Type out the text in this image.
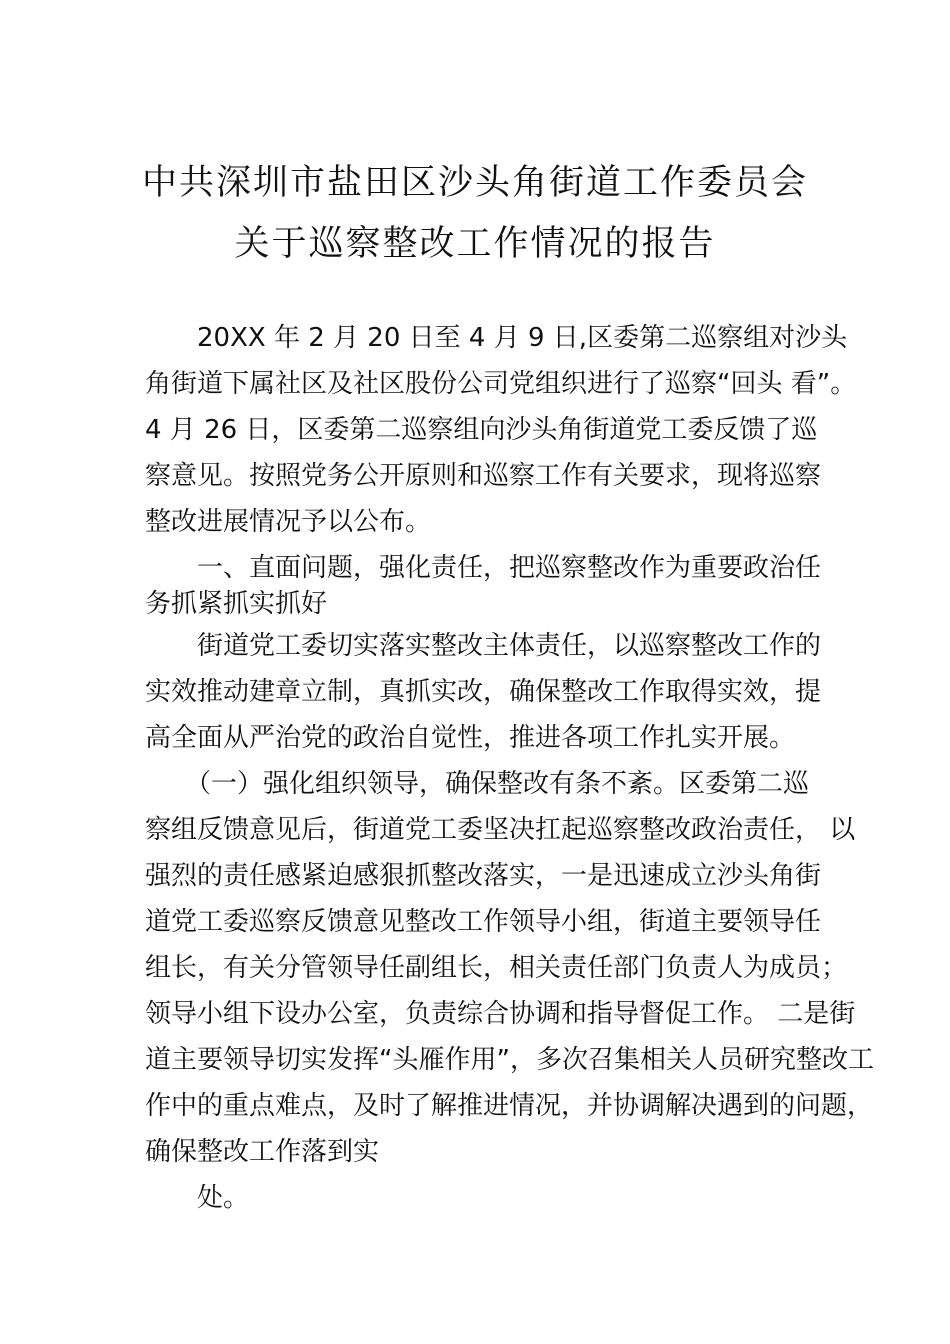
中共深圳市盐田区沙头角街道工作委员会
关于巡察整改工作情况的报告
20XX 年 2 月 20 日至 4 月 9 日,区委第二巡察组对沙头
角街道下属社区及社区股份公司党组织进行了巡察“回头 看”。
4 月 26 日，区委第二巡察组向沙头角街道党工委反馈了巡
察意见。按照党务公开原则和巡察工作有关要求，现将巡察
整改进展情况予以公布。
一、直面问题，强化责任，把巡察整改作为重要政治任
务抓紧抓实抓好
街道党工委切实落实整改主体责任，以巡察整改工作的
实效推动建章立制，真抓实改，确保整改工作取得实效，提
高全面从严治党的政治自觉性，推进各项工作扎实开展。
（一）强化组织领导，确保整改有条不紊。区委第二巡
察组反馈意见后，街道党工委坚决扛起巡察整改政治责任， 以
强烈的责任感紧迫感狠抓整改落实，一是迅速成立沙头角街
道党工委巡察反馈意见整改工作领导小组，街道主要领导任
组长，有关分管领导任副组长，相关责任部门负责人为成员；
领导小组下设办公室，负责综合协调和指导督促工作。 二是街
道主要领导切实发挥“头雁作用”，多次召集相关人员研究整改工
作中的重点难点，及时了解推进情况，并协调解决遇到的问题，
确保整改工作落到实
处。
